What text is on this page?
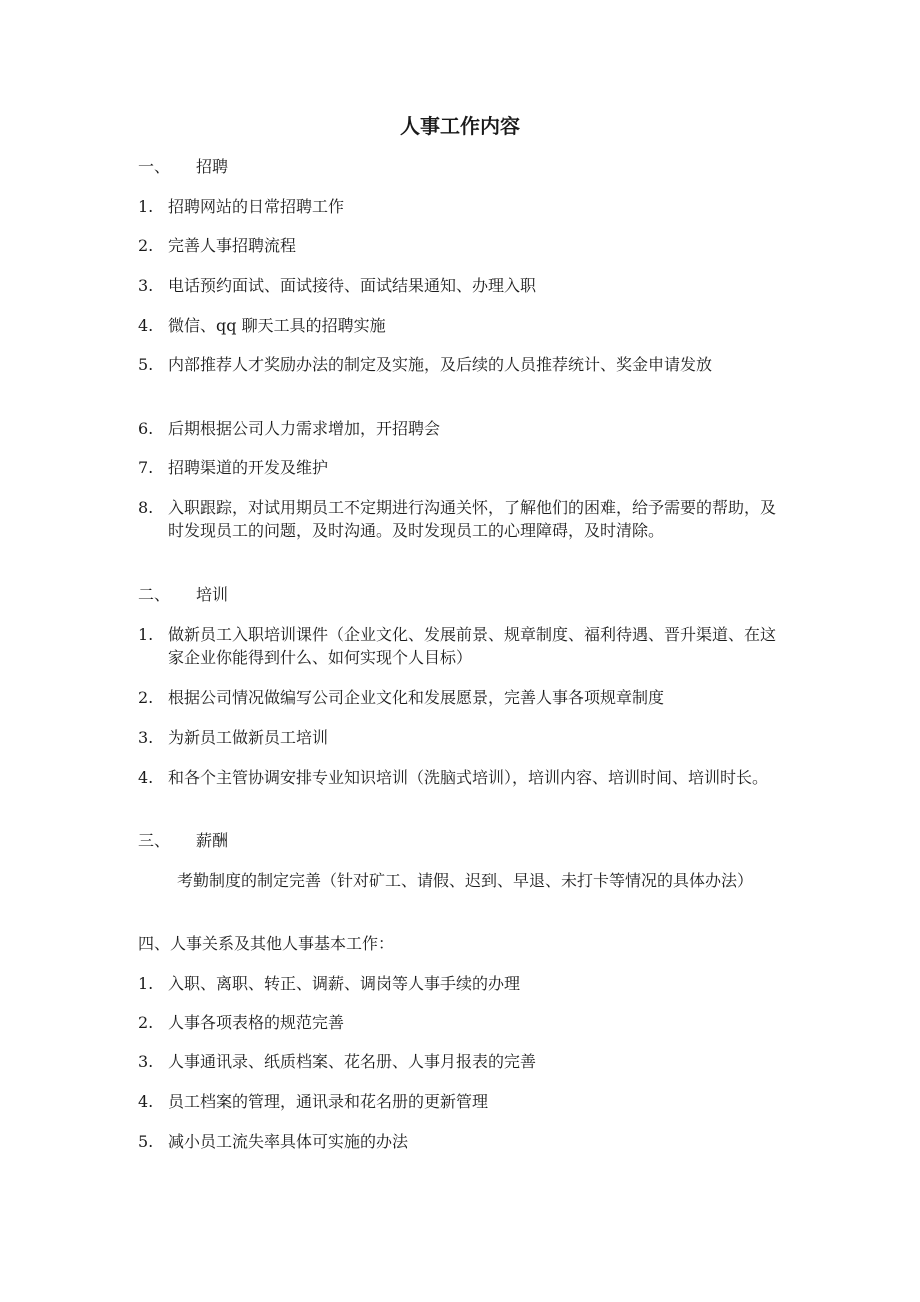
人事工作内容
一、 招聘
1. 招聘网站的日常招聘工作
2. 完善人事招聘流程
3. 电话预约面试、面试接待、面试结果通知、办理入职
4. 微信、qq 聊天工具的招聘实施
5. 内部推荐人才奖励办法的制定及实施，及后续的人员推荐统计、奖金申请发放
6. 后期根据公司人力需求增加，开招聘会
7. 招聘渠道的开发及维护
8. 入职跟踪，对试用期员工不定期进行沟通关怀，了解他们的困难，给予需要的帮助，及时发现员工的问题，及时沟通。及时发现员工的心理障碍，及时清除。
二、 培训
1. 做新员工入职培训课件（企业文化、发展前景、规章制度、福利待遇、晋升渠道、在这家企业你能得到什么、如何实现个人目标）
2. 根据公司情况做编写公司企业文化和发展愿景，完善人事各项规章制度
3. 为新员工做新员工培训
4. 和各个主管协调安排专业知识培训（洗脑式培训），培训内容、培训时间、培训时长。
三、 薪酬
考勤制度的制定完善（针对矿工、请假、迟到、早退、未打卡等情况的具体办法）
四、人事关系及其他人事基本工作：
1. 入职、离职、转正、调薪、调岗等人事手续的办理
2. 人事各项表格的规范完善
3. 人事通讯录、纸质档案、花名册、人事月报表的完善
4. 员工档案的管理，通讯录和花名册的更新管理
5. 减小员工流失率具体可实施的办法
